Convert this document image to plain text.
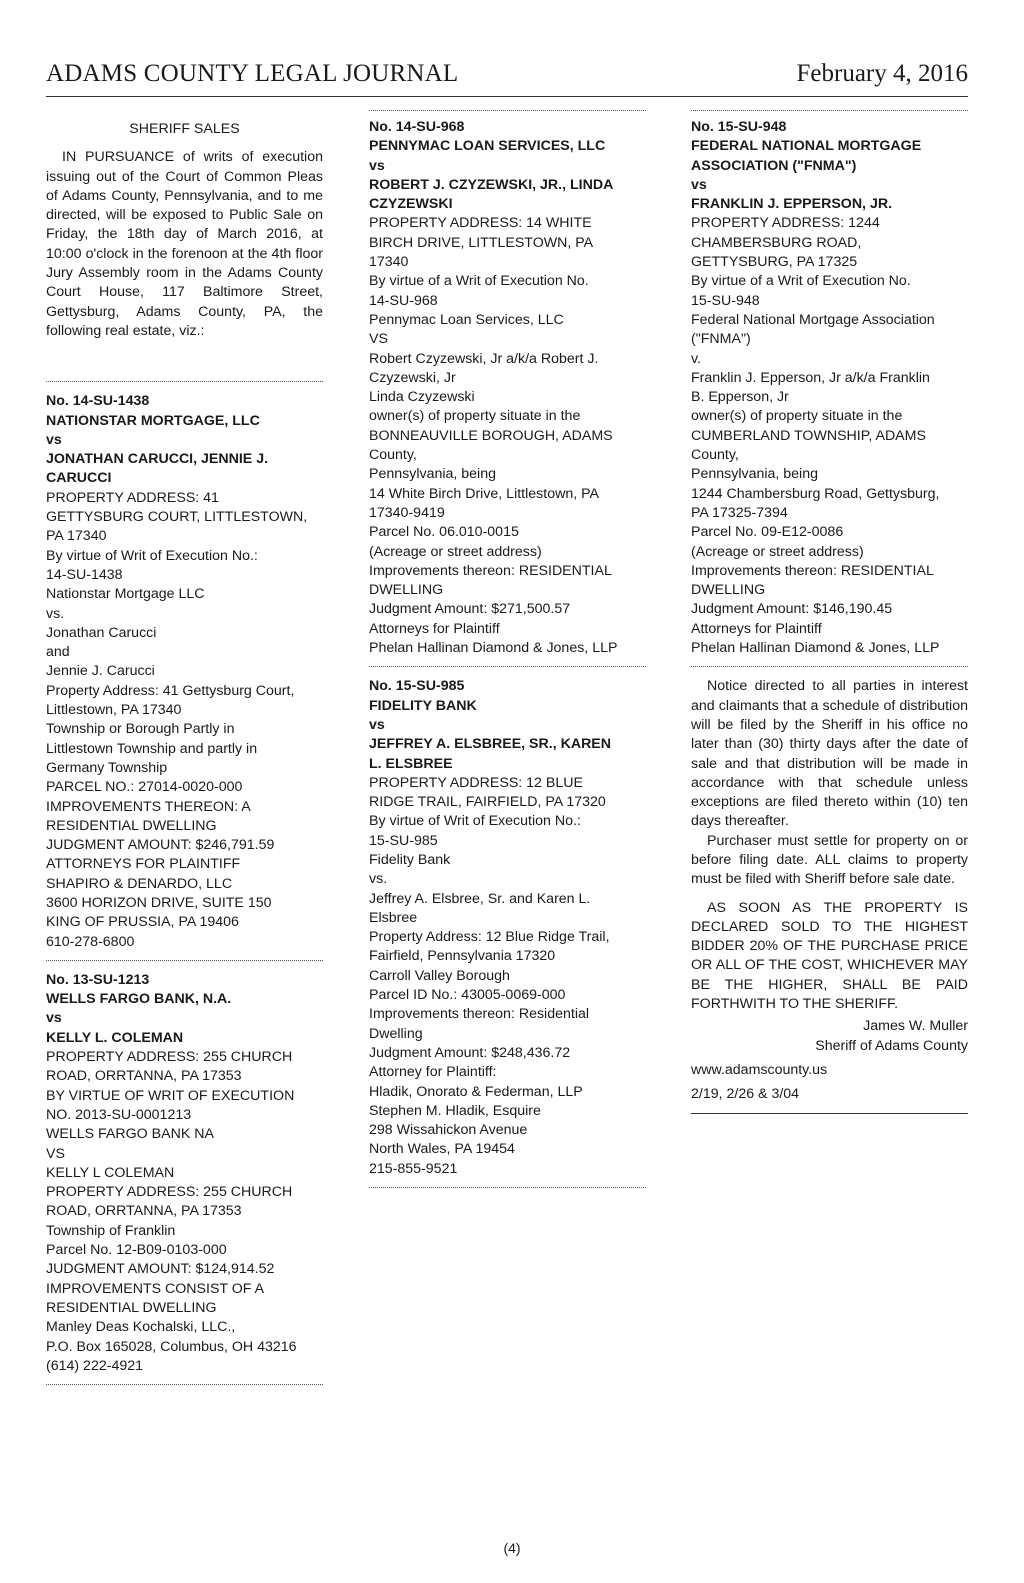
ADAMS COUNTY LEGAL JOURNAL	February 4, 2016
SHERIFF SALES
IN PURSUANCE of writs of execution issuing out of the Court of Common Pleas of Adams County, Pennsylvania, and to me directed, will be exposed to Public Sale on Friday, the 18th day of March 2016, at 10:00 o'clock in the forenoon at the 4th floor Jury Assembly room in the Adams County Court House, 117 Baltimore Street, Gettysburg, Adams County, PA, the following real estate, viz.:
No. 14-SU-1438
NATIONSTAR MORTGAGE, LLC
vs
JONATHAN CARUCCI, JENNIE J.
CARUCCI
PROPERTY ADDRESS: 41
GETTYSBURG COURT, LITTLESTOWN,
PA 17340
By virtue of Writ of Execution No.:
14-SU-1438
Nationstar Mortgage LLC
vs.
Jonathan Carucci
and
Jennie J. Carucci
Property Address: 41 Gettysburg Court,
Littlestown, PA 17340
Township or Borough Partly in
Littlestown Township and partly in
Germany Township
PARCEL NO.: 27014-0020-000
IMPROVEMENTS THEREON: A
RESIDENTIAL DWELLING
JUDGMENT AMOUNT: $246,791.59
ATTORNEYS FOR PLAINTIFF
SHAPIRO & DENARDO, LLC
3600 HORIZON DRIVE, SUITE 150
KING OF PRUSSIA, PA 19406
610-278-6800
No. 13-SU-1213
WELLS FARGO BANK, N.A.
vs
KELLY L. COLEMAN
PROPERTY ADDRESS: 255 CHURCH
ROAD, ORRTANNA, PA 17353
BY VIRTUE OF WRIT OF EXECUTION
NO. 2013-SU-0001213
WELLS FARGO BANK NA
VS
KELLY L COLEMAN
PROPERTY ADDRESS: 255 CHURCH
ROAD, ORRTANNA, PA 17353
Township of Franklin
Parcel No. 12-B09-0103-000
JUDGMENT AMOUNT: $124,914.52
IMPROVEMENTS CONSIST OF A
RESIDENTIAL DWELLING
Manley Deas Kochalski, LLC.,
P.O. Box 165028, Columbus, OH 43216
(614) 222-4921
No. 14-SU-968
PENNYMAC LOAN SERVICES, LLC
vs
ROBERT J. CZYZEWSKI, JR., LINDA
CZYZEWSKI
PROPERTY ADDRESS: 14 WHITE
BIRCH DRIVE, LITTLESTOWN, PA
17340
By virtue of a Writ of Execution No.
14-SU-968
Pennymac Loan Services, LLC
VS
Robert Czyzewski, Jr a/k/a Robert J.
Czyzewski, Jr
Linda Czyzewski
owner(s) of property situate in the
BONNEAUVILLE BOROUGH, ADAMS
County,
Pennsylvania, being
14 White Birch Drive, Littlestown, PA
17340-9419
Parcel No. 06.010-0015
(Acreage or street address)
Improvements thereon: RESIDENTIAL
DWELLING
Judgment Amount: $271,500.57
Attorneys for Plaintiff
Phelan Hallinan Diamond & Jones, LLP
No. 15-SU-985
FIDELITY BANK
vs
JEFFREY A. ELSBREE, SR., KAREN
L. ELSBREE
PROPERTY ADDRESS: 12 BLUE
RIDGE TRAIL, FAIRFIELD, PA 17320
By virtue of Writ of Execution No.:
15-SU-985
Fidelity Bank
vs.
Jeffrey A. Elsbree, Sr. and Karen L.
Elsbree
Property Address: 12 Blue Ridge Trail,
Fairfield, Pennsylvania 17320
Carroll Valley Borough
Parcel ID No.: 43005-0069-000
Improvements thereon: Residential
Dwelling
Judgment Amount: $248,436.72
Attorney for Plaintiff:
Hladik, Onorato & Federman, LLP
Stephen M. Hladik, Esquire
298 Wissahickon Avenue
North Wales, PA 19454
215-855-9521
No. 15-SU-948
FEDERAL NATIONAL MORTGAGE
ASSOCIATION ("FNMA")
vs
FRANKLIN J. EPPERSON, JR.
PROPERTY ADDRESS: 1244
CHAMBERSBURG ROAD,
GETTYSBURG, PA 17325
By virtue of a Writ of Execution No.
15-SU-948
Federal National Mortgage Association
("FNMA")
v.
Franklin J. Epperson, Jr a/k/a Franklin
B. Epperson, Jr
owner(s) of property situate in the
CUMBERLAND TOWNSHIP, ADAMS
County,
Pennsylvania, being
1244 Chambersburg Road, Gettysburg,
PA 17325-7394
Parcel No. 09-E12-0086
(Acreage or street address)
Improvements thereon: RESIDENTIAL
DWELLING
Judgment Amount: $146,190.45
Attorneys for Plaintiff
Phelan Hallinan Diamond & Jones, LLP
Notice directed to all parties in interest and claimants that a schedule of distribution will be filed by the Sheriff in his office no later than (30) thirty days after the date of sale and that distribution will be made in accordance with that schedule unless exceptions are filed thereto within (10) ten days thereafter.
Purchaser must settle for property on or before filing date. ALL claims to property must be filed with Sheriff before sale date.
AS SOON AS THE PROPERTY IS DECLARED SOLD TO THE HIGHEST BIDDER 20% OF THE PURCHASE PRICE OR ALL OF THE COST, WHICHEVER MAY BE THE HIGHER, SHALL BE PAID FORTHWITH TO THE SHERIFF.
James W. Muller
Sheriff of Adams County
www.adamscounty.us
2/19, 2/26 & 3/04
(4)
